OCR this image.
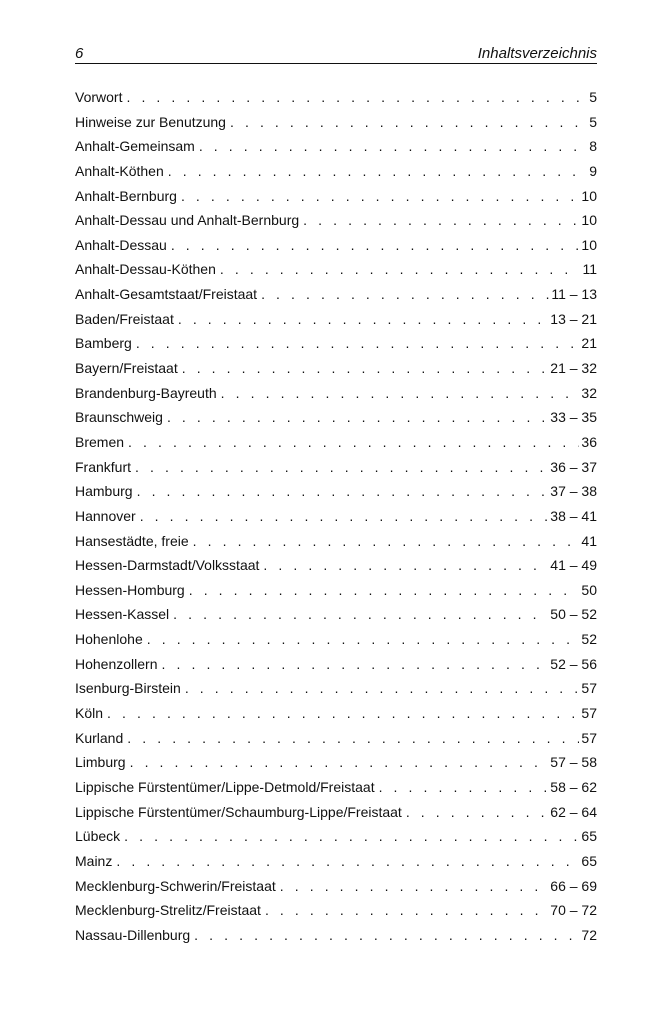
6	Inhaltsverzeichnis
Vorwort . . .	5
Hinweise zur Benutzung . . .	5
Anhalt-Gemeinsam . . .	8
Anhalt-Köthen . . .	9
Anhalt-Bernburg . . .	10
Anhalt-Dessau und Anhalt-Bernburg . . .	10
Anhalt-Dessau . . .	10
Anhalt-Dessau-Köthen . . .	11
Anhalt-Gesamtstaat/Freistaat . . .	11 – 13
Baden/Freistaat . . .	13 – 21
Bamberg . . .	21
Bayern/Freistaat . . .	21 – 32
Brandenburg-Bayreuth . . .	32
Braunschweig . . .	33 – 35
Bremen . . .	36
Frankfurt . . .	36 – 37
Hamburg . . .	37 – 38
Hannover . . .	38 – 41
Hansestädte, freie . . .	41
Hessen-Darmstadt/Volksstaat . . .	41 – 49
Hessen-Homburg . . .	50
Hessen-Kassel . . .	50 – 52
Hohenlohe . . .	52
Hohenzollern . . .	52 – 56
Isenburg-Birstein . . .	57
Köln . . .	57
Kurland . . .	57
Limburg . . .	57 – 58
Lippische Fürstentümer/Lippe-Detmold/Freistaat . . .	58 – 62
Lippische Fürstentümer/Schaumburg-Lippe/Freistaat . . .	62 – 64
Lübeck . . .	65
Mainz . . .	65
Mecklenburg-Schwerin/Freistaat . . .	66 – 69
Mecklenburg-Strelitz/Freistaat . . .	70 – 72
Nassau-Dillenburg . . .	72
